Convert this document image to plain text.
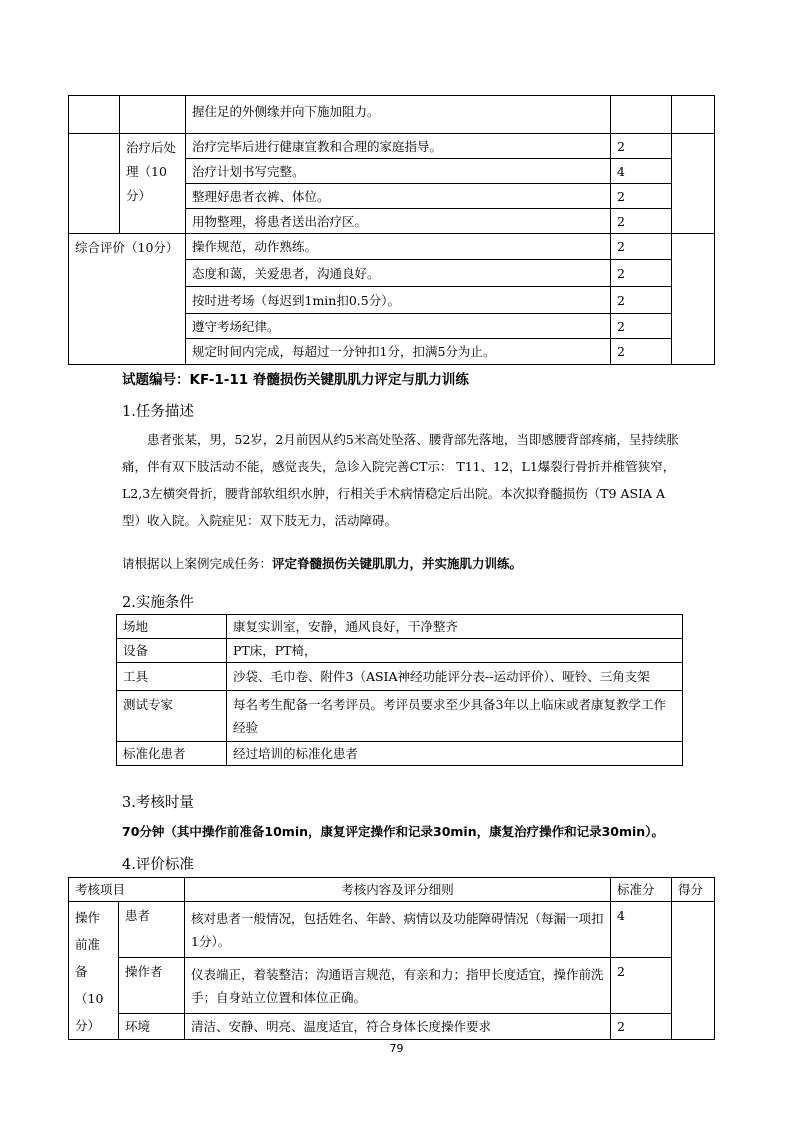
		握住足的外侧缘并向下施加阻力。		
	治疗后处理（10分）	治疗完毕后进行健康宣教和合理的家庭指导。	2	
		治疗计划书写完整。	4	
		整理好患者衣裤、体位。	2	
		用物整理，将患者送出治疗区。	2	
综合评价（10分）		操作规范，动作熟练。	2	
		态度和蔼，关爱患者，沟通良好。	2	
		按时进考场（每迟到1min扣0.5分）。	2	
		遵守考场纪律。	2	
		规定时间内完成，每超过一分钟扣1分，扣满5分为止。	2	
试题编号：KF-1-11 脊髓损伤关键肌肌力评定与肌力训练
1.任务描述
患者张某，男，52岁，2月前因从约5米高处坠落、腰背部先落地，当即感腰背部疼痛，呈持续胀痛，伴有双下肢活动不能，感觉丧失，急诊入院完善CT示： T11、12，L1爆裂行骨折并椎管狭窄，L2,3左横突骨折，腰背部软组织水肿，行相关手术病情稳定后出院。本次拟脊髓损伤（T9 ASIA A型）收入院。入院症见：双下肢无力，活动障碍。
请根据以上案例完成任务：评定脊髓损伤关键肌肌力，并实施肌力训练。
2.实施条件
场地	康复实训室，安静，通风良好，干净整齐
设备	PT床，PT椅，
工具	沙袋、毛巾卷、附件3（ASIA神经功能评分表--运动评价）、哑铃、三角支架
测试专家	每名考生配备一名考评员。考评员要求至少具备3年以上临床或者康复教学工作经验
标准化患者	经过培训的标准化患者
3.考核时量
70分钟（其中操作前准备10min，康复评定操作和记录30min，康复治疗操作和记录30min）。
4.评价标准
考核项目		考核内容及评分细则	标准分	得分
操作前准备（10分）	患者	核对患者一般情况，包括姓名、年龄、病情以及功能障碍情况（每漏一项扣1分）。	4	
	操作者	仪表端正，着装整洁；沟通语言规范，有亲和力；指甲长度适宜，操作前洗手；自身站立位置和体位正确。	2	
	环境	清洁、安静、明亮、温度适宜，符合身体长度操作要求	2	
79
